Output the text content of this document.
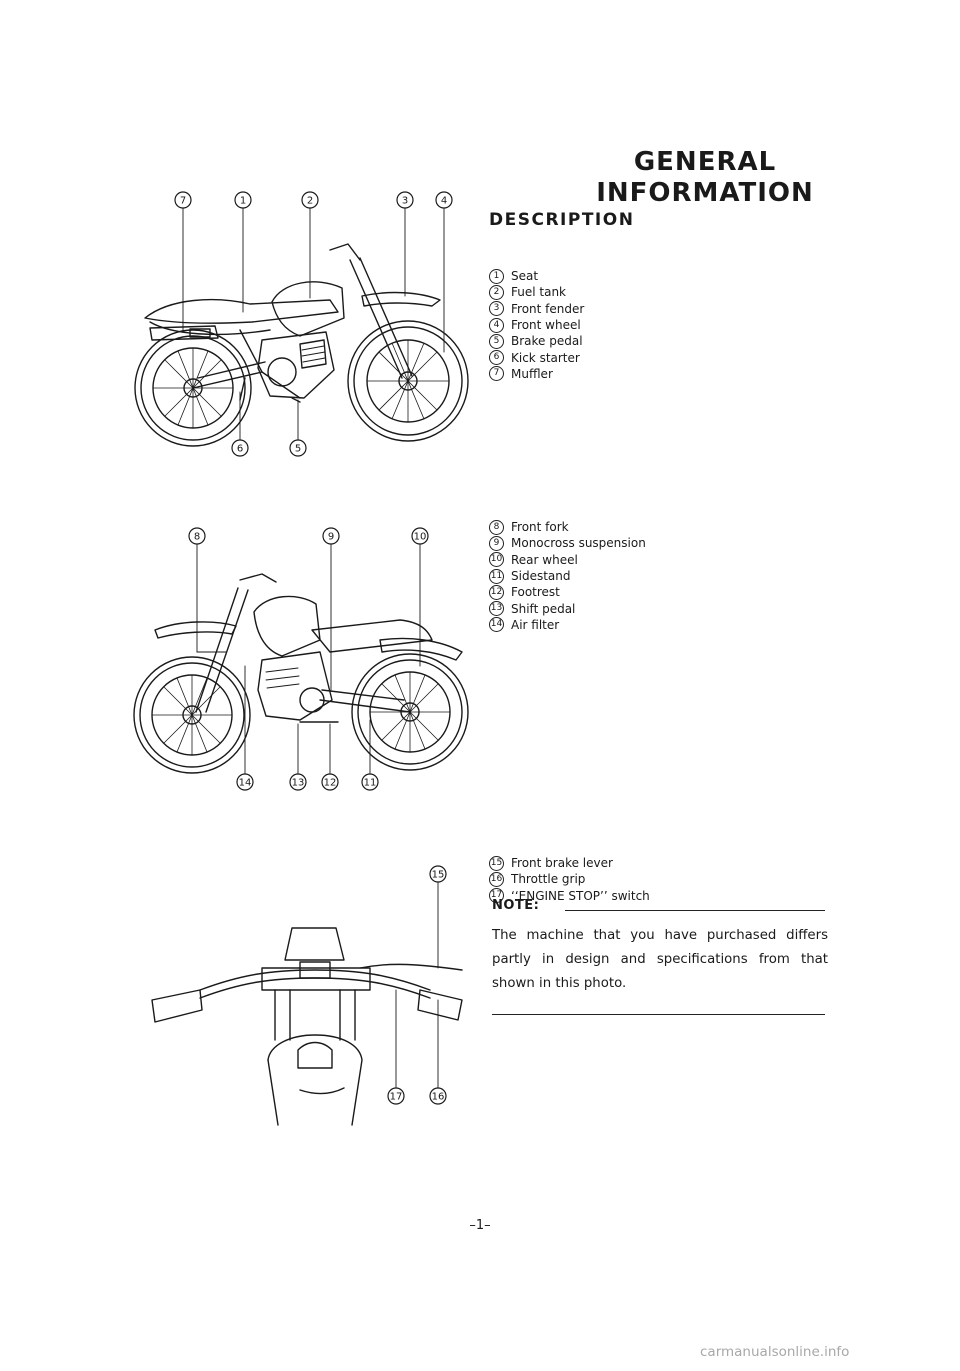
GENERAL
INFORMATION
DESCRIPTION
1 Seat
2 Fuel tank
3 Front fender
4 Front wheel
5 Brake pedal
6 Kick starter
7 Muffler
8 Front fork
9 Monocross suspension
10 Rear wheel
11 Sidestand
12 Footrest
13 Shift pedal
14 Air filter
15 Front brake lever
16 Throttle grip
17 ‘‘ENGINE STOP’’ switch
NOTE:
The machine that you have purchased differs partly in design and specifications from that shown in this photo.
–1–
carmanualsonline.info
7	1	2	3	4
6	5
8	9	10
14	13 12	11
15
17	16
